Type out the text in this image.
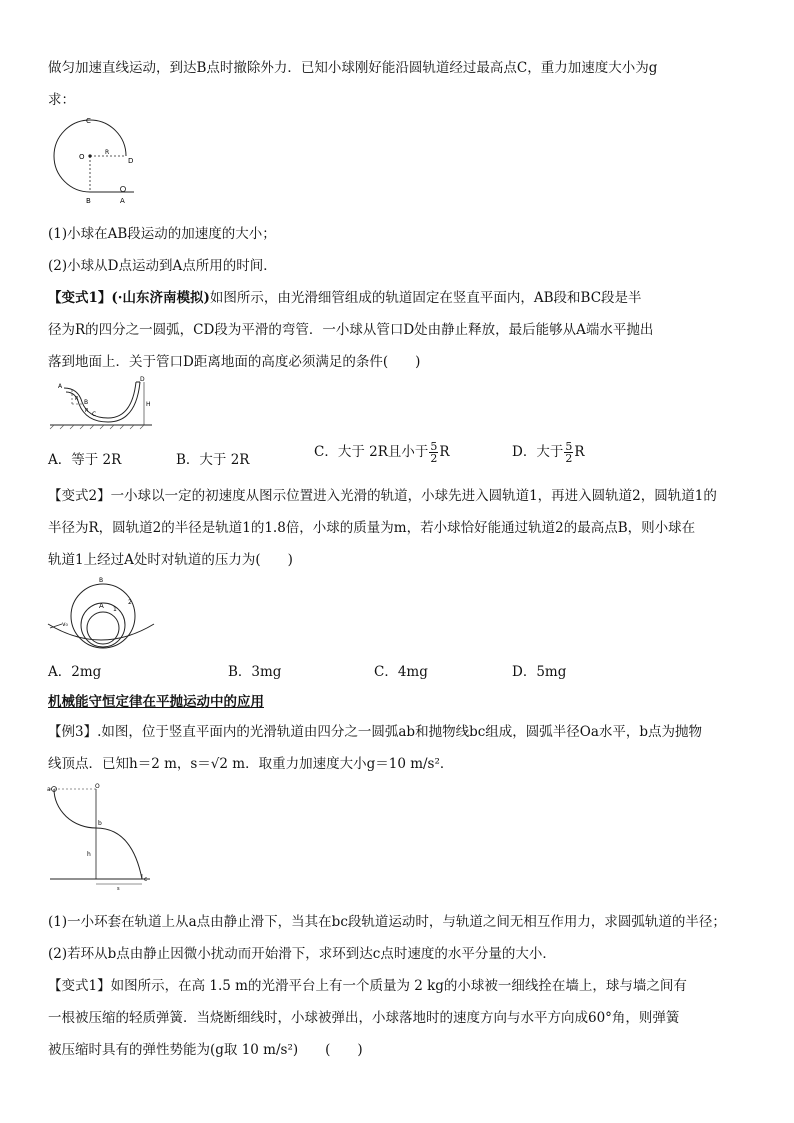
做匀加速直线运动，到达B点时撤除外力．已知小球刚好能沿圆轨道经过最高点C，重力加速度大小为g
求：
C
O
R
D
B	A
(1)小球在AB段运动的加速度的大小；
(2)小球从D点运动到A点所用的时间．
【变式1】(·山东济南模拟)如图所示，由光滑细管组成的轨道固定在竖直平面内，AB段和BC段是半
径为R的四分之一圆弧，CD段为平滑的弯管．一小球从管口D处由静止释放，最后能够从A端水平抛出
落到地面上．关于管口D距离地面的高度必须满足的条件(　　)
A
D
R B
R C
H
A．等于 2R	B．大于 2R	C．大于 2R且小于 $\frac{5}{2}$ R	D．大于 $\frac{5}{2}$ R
【变式2】一小球以一定的初速度从图示位置进入光滑的轨道，小球先进入圆轨道1，再进入圆轨道2，圆轨道1的
半径为R，圆轨道2的半径是轨道1的1.8倍，小球的质量为m，若小球恰好能通过轨道2的最高点B，则小球在
轨道1上经过A处时对轨道的压力为(　　)
B
A 1
2
v₀
A．2mg	B．3mg	C．4mg	D．5mg
机械能守恒定律在平抛运动中的应用
【例3】.如图，位于竖直平面内的光滑轨道由四分之一圆弧ab和抛物线bc组成，圆弧半径Oa水平，b点为抛物
线顶点．已知h＝2 m，s＝√2 m．取重力加速度大小g＝10 m/s²．
a	O
b
h
c
s
(1)一小环套在轨道上从a点由静止滑下，当其在bc段轨道运动时，与轨道之间无相互作用力，求圆弧轨道的半径；
(2)若环从b点由静止因微小扰动而开始滑下，求环到达c点时速度的水平分量的大小．
【变式1】如图所示，在高 1.5 m的光滑平台上有一个质量为 2 kg的小球被一细线拴在墙上，球与墙之间有
一根被压缩的轻质弹簧．当烧断细线时，小球被弹出，小球落地时的速度方向与水平方向成60°角，则弹簧
被压缩时具有的弹性势能为(g取 10 m/s²)　　(　　)
